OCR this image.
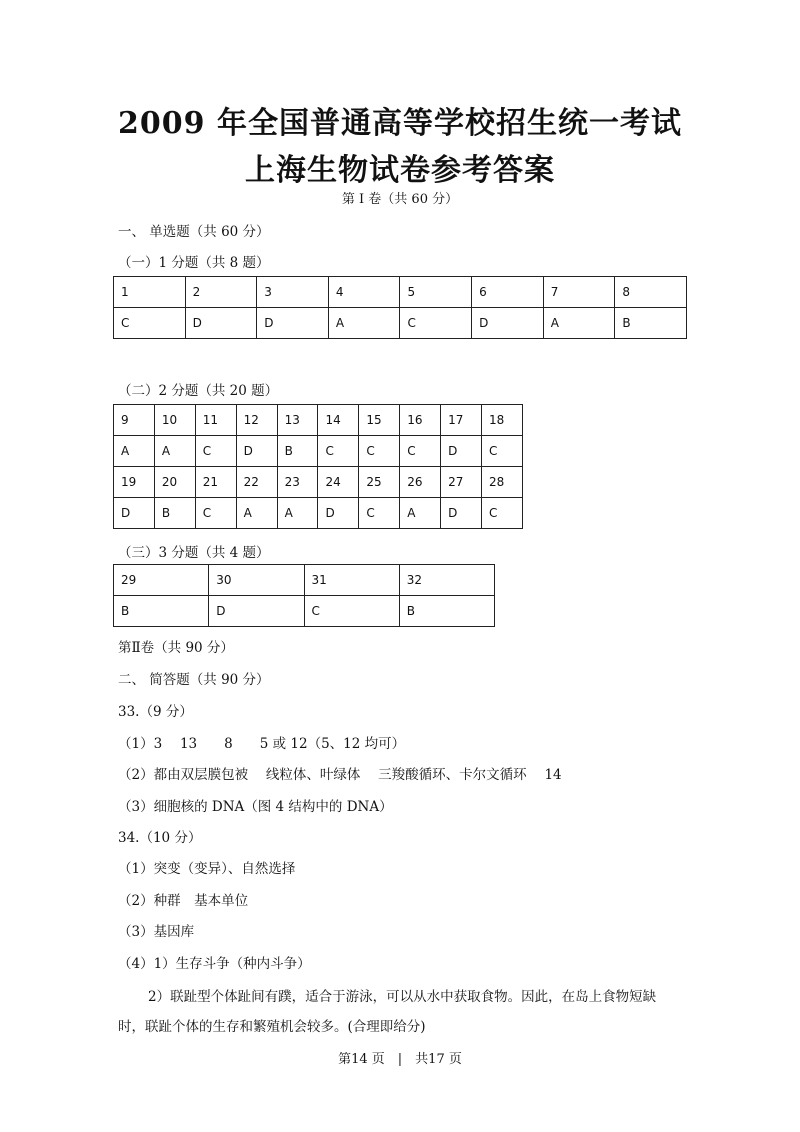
2009 年全国普通高等学校招生统一考试
上海生物试卷参考答案
第 I 卷（共 60 分）
一、 单选题（共 60 分）
（一）1 分题（共 8 题）
1	2	3	4	5	6	7	8
C	D	D	A	C	D	A	B
（二）2 分题（共 20 题）
9	10	11	12	13	14	15	16	17	18
A	A	C	D	B	C	C	C	D	C
19	20	21	22	23	24	25	26	27	28
D	B	C	A	A	D	C	A	D	C
（三）3 分题（共 4 题）
29	30	31	32
B	D	C	B
第Ⅱ卷（共 90 分）
二、 简答题（共 90 分）
33.（9 分）
（1）3　 13　　8　　5 或 12（5、12 均可）
（2）都由双层膜包被　 线粒体、叶绿体　 三羧酸循环、卡尔文循环　 14
（3）细胞核的 DNA（图 4 结构中的 DNA）
34.（10 分）
（1）突变（变异）、自然选择
（2）种群　基本单位
（3）基因库
（4）1）生存斗争（种内斗争）
2）联趾型个体趾间有蹼，适合于游泳，可以从水中获取食物。因此，在岛上食物短缺
时，联趾个体的生存和繁殖机会较多。(合理即给分)
第14 页　|　共17 页
